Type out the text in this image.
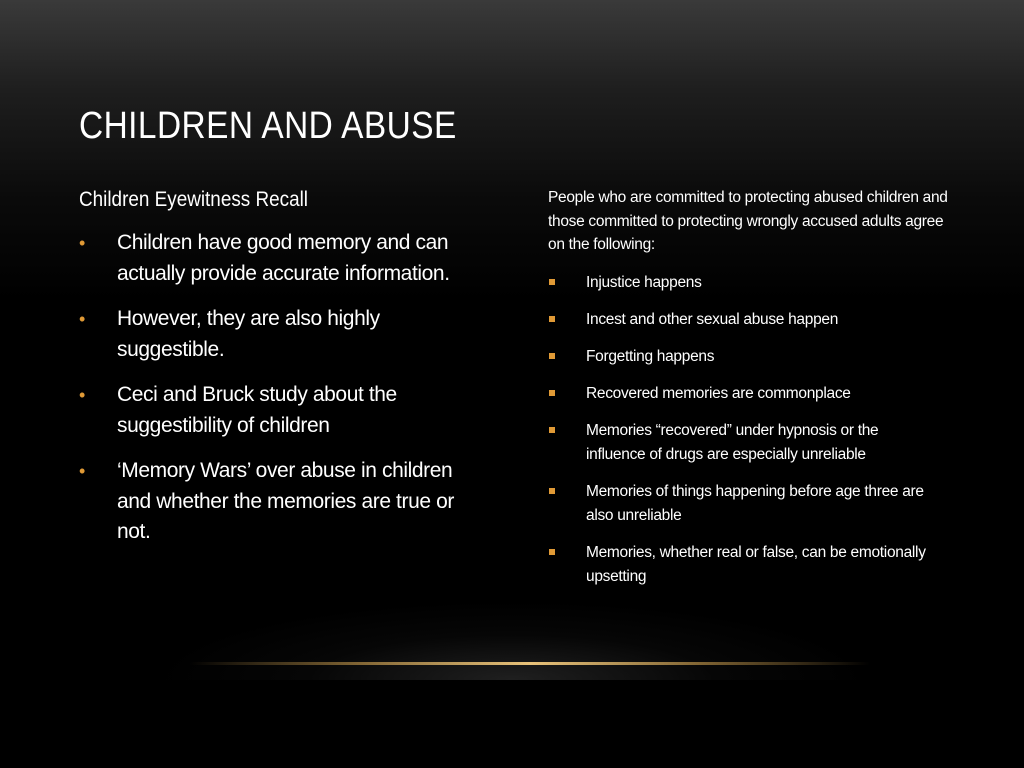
CHILDREN AND ABUSE
Children Eyewitness Recall
• Children have good memory and can actually provide accurate information.
• However, they are also highly suggestible.
• Ceci and Bruck study about the suggestibility of children
• ‘Memory Wars’ over abuse in children and whether the memories are true or not.
People who are committed to protecting abused children and those committed to protecting wrongly accused adults agree on the following:
Injustice happens
Incest and other sexual abuse happen
Forgetting happens
Recovered memories are commonplace
Memories “recovered” under hypnosis or the influence of drugs are especially unreliable
Memories of things happening before age three are also unreliable
Memories, whether real or false, can be emotionally upsetting
